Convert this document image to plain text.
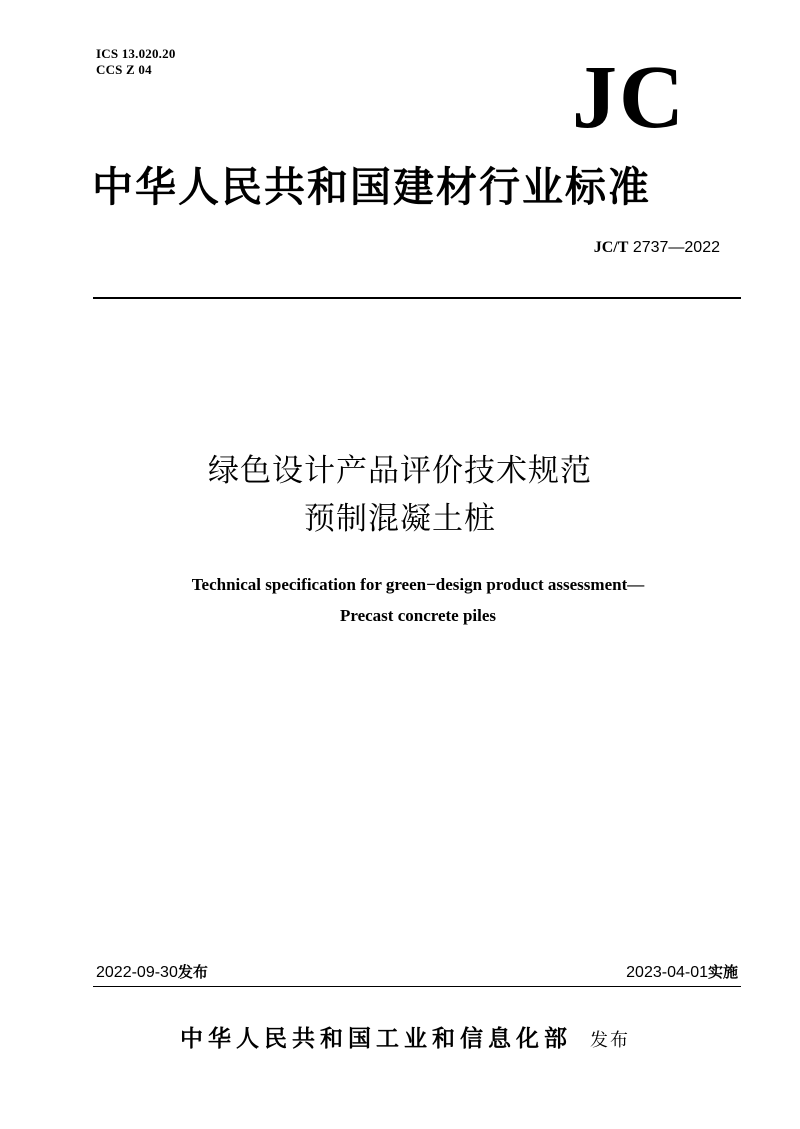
ICS 13.020.20
CCS Z 04	JC
中华人民共和国建材行业标准
JC/T 2737—2022
绿色设计产品评价技术规范
预制混凝土桩
Technical specification for green−design product assessment—
Precast concrete piles
2022-09-30发布	2023-04-01实施
中华人民共和国工业和信息化部 发布
